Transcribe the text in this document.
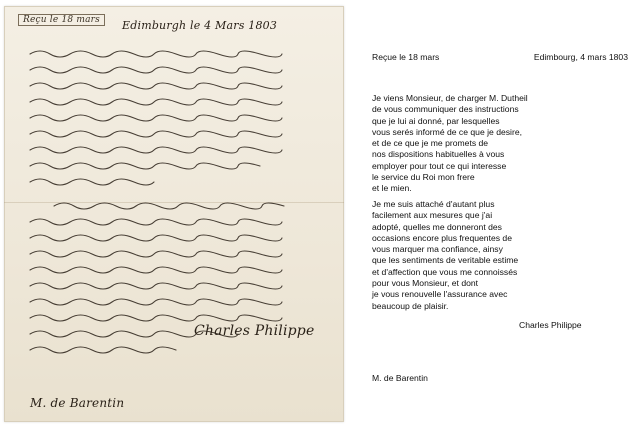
Reçu le 18 mars	Edimburgh le 4 Mars 1803
Charles Philippe
M. de Barentin
Reçue le 18 mars	Edimbourg, 4 mars 1803
Je viens Monsieur, de charger M. Dutheil
de vous communiquer des instructions
que je lui ai donné, par lesquelles
vous serés informé de ce que je desire,
et de ce que je me promets de
nos dispositions habituelles à vous
employer pour tout ce qui interesse
le service du Roi mon frere
et le mien.
Je me suis attaché d'autant plus
facilement aux mesures que j'ai
adopté, quelles me donneront des
occasions encore plus frequentes de
vous marquer ma confiance, ainsy
que les sentiments de veritable estime
et d'affection que vous me connoissés
pour vous Monsieur, et dont
je vous renouvelle l'assurance avec
beaucoup de plaisir.
Charles Philippe
M. de Barentin
